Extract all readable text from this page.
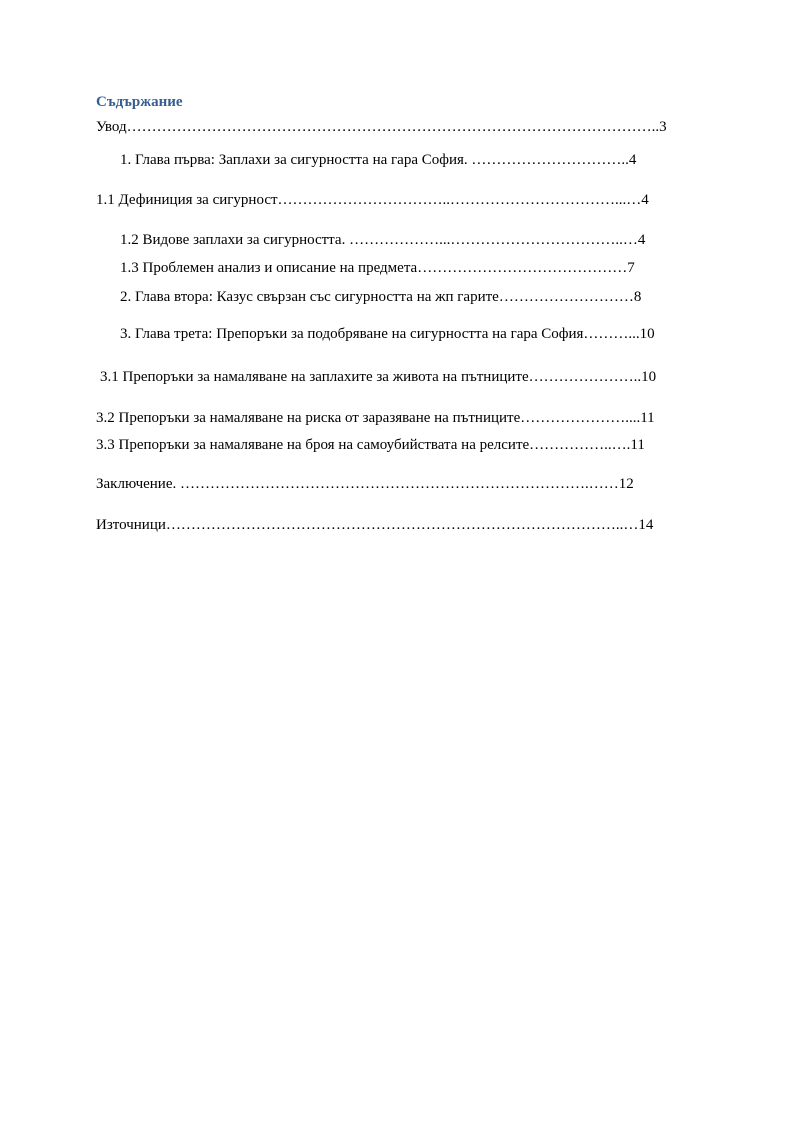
Съдържание

Увод……………………………………………………………………………………………..3

1. Глава първа: Заплахи за сигурността на гара София. …………………………..4

1.1 Дефиниция за сигурност……………………………..……………………………...…4

1.2 Видове заплахи за сигурността. ………………...……………………………..…4

1.3 Проблемен анализ и описание на предмета……………………………………7

2. Глава втора: Казус свързан със сигурността на жп гарите………………………8

3. Глава трета: Препоръки за подобряване на сигурността на гара София………...10

3.1 Препоръки за намаляване на заплахите за живота на пътниците…………………..10

3.2 Препоръки за намаляване на риска от заразяване на пътниците…………………....11

3.3 Препоръки за намаляване на броя на самоубийствата на релсите……………..….11

Заключение. ……………………………………………………………………….……12

Източници………………………………………………………………………………..…14
